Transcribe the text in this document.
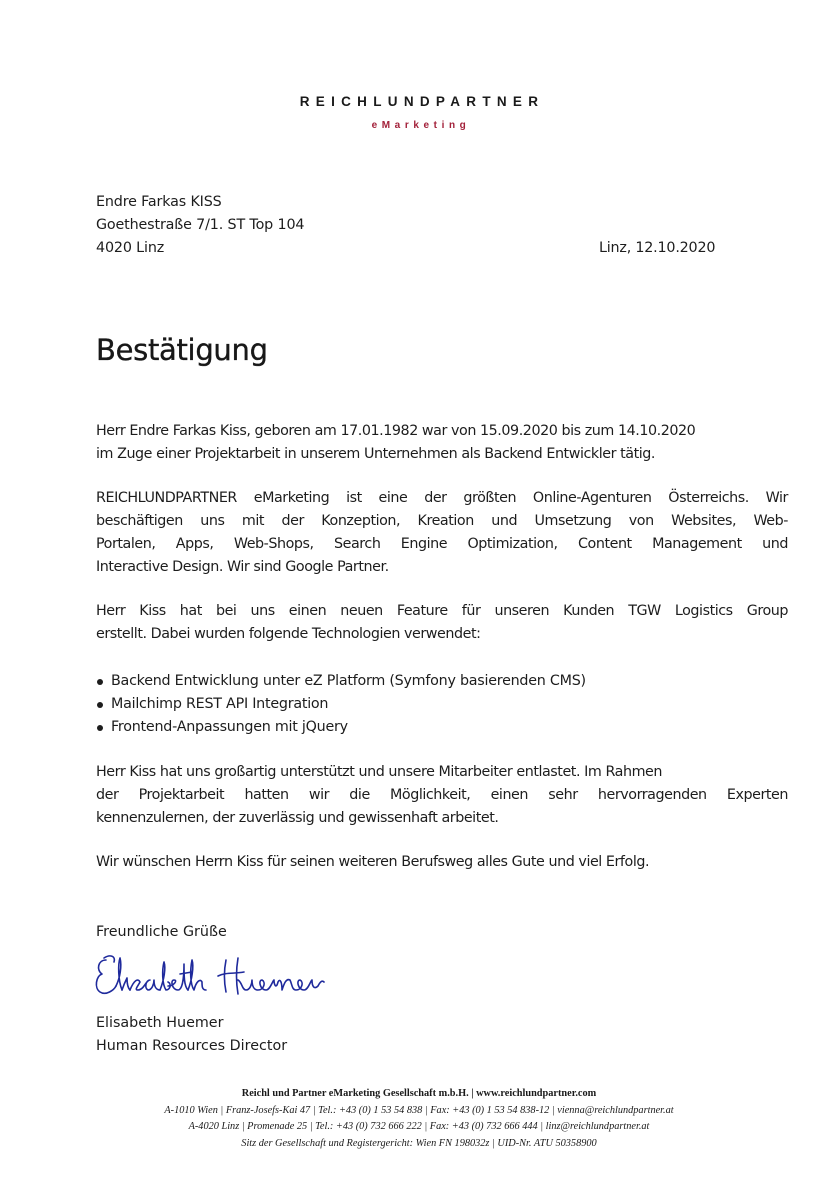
REICHLUNDPARTNER
eMarketing
Endre Farkas KISS
Goethestraße 7/1. ST Top 104
4020 Linz	Linz, 12.10.2020
Bestätigung
Herr Endre Farkas Kiss, geboren am 17.01.1982 war von 15.09.2020 bis zum 14.10.2020
im Zuge einer Projektarbeit in unserem Unternehmen als Backend Entwickler tätig.
REICHLUNDPARTNER eMarketing ist eine der größten Online-Agenturen Österreichs. Wir
beschäftigen uns mit der Konzeption, Kreation und Umsetzung von Websites, Web-
Portalen, Apps, Web-Shops, Search Engine Optimization, Content Management und
Interactive Design. Wir sind Google Partner.
Herr Kiss hat bei uns einen neuen Feature für unseren Kunden TGW Logistics Group
erstellt. Dabei wurden folgende Technologien verwendet:
Backend Entwicklung unter eZ Platform (Symfony basierenden CMS)
Mailchimp REST API Integration
Frontend-Anpassungen mit jQuery
Herr Kiss hat uns großartig unterstützt und unsere Mitarbeiter entlastet. Im Rahmen
der Projektarbeit hatten wir die Möglichkeit, einen sehr hervorragenden Experten
kennenzulernen, der zuverlässig und gewissenhaft arbeitet.
Wir wünschen Herrn Kiss für seinen weiteren Berufsweg alles Gute und viel Erfolg.
Freundliche Grüße
Elisabeth Huemer
Human Resources Director
Reichl und Partner eMarketing Gesellschaft m.b.H. | www.reichlundpartner.com
A-1010 Wien | Franz-Josefs-Kai 47 | Tel.: +43 (0) 1 53 54 838 | Fax: +43 (0) 1 53 54 838-12 | vienna@reichlundpartner.at
A-4020 Linz | Promenade 25 | Tel.: +43 (0) 732 666 222 | Fax: +43 (0) 732 666 444 | linz@reichlundpartner.at
Sitz der Gesellschaft und Registergericht: Wien FN 198032z | UID-Nr. ATU 50358900
